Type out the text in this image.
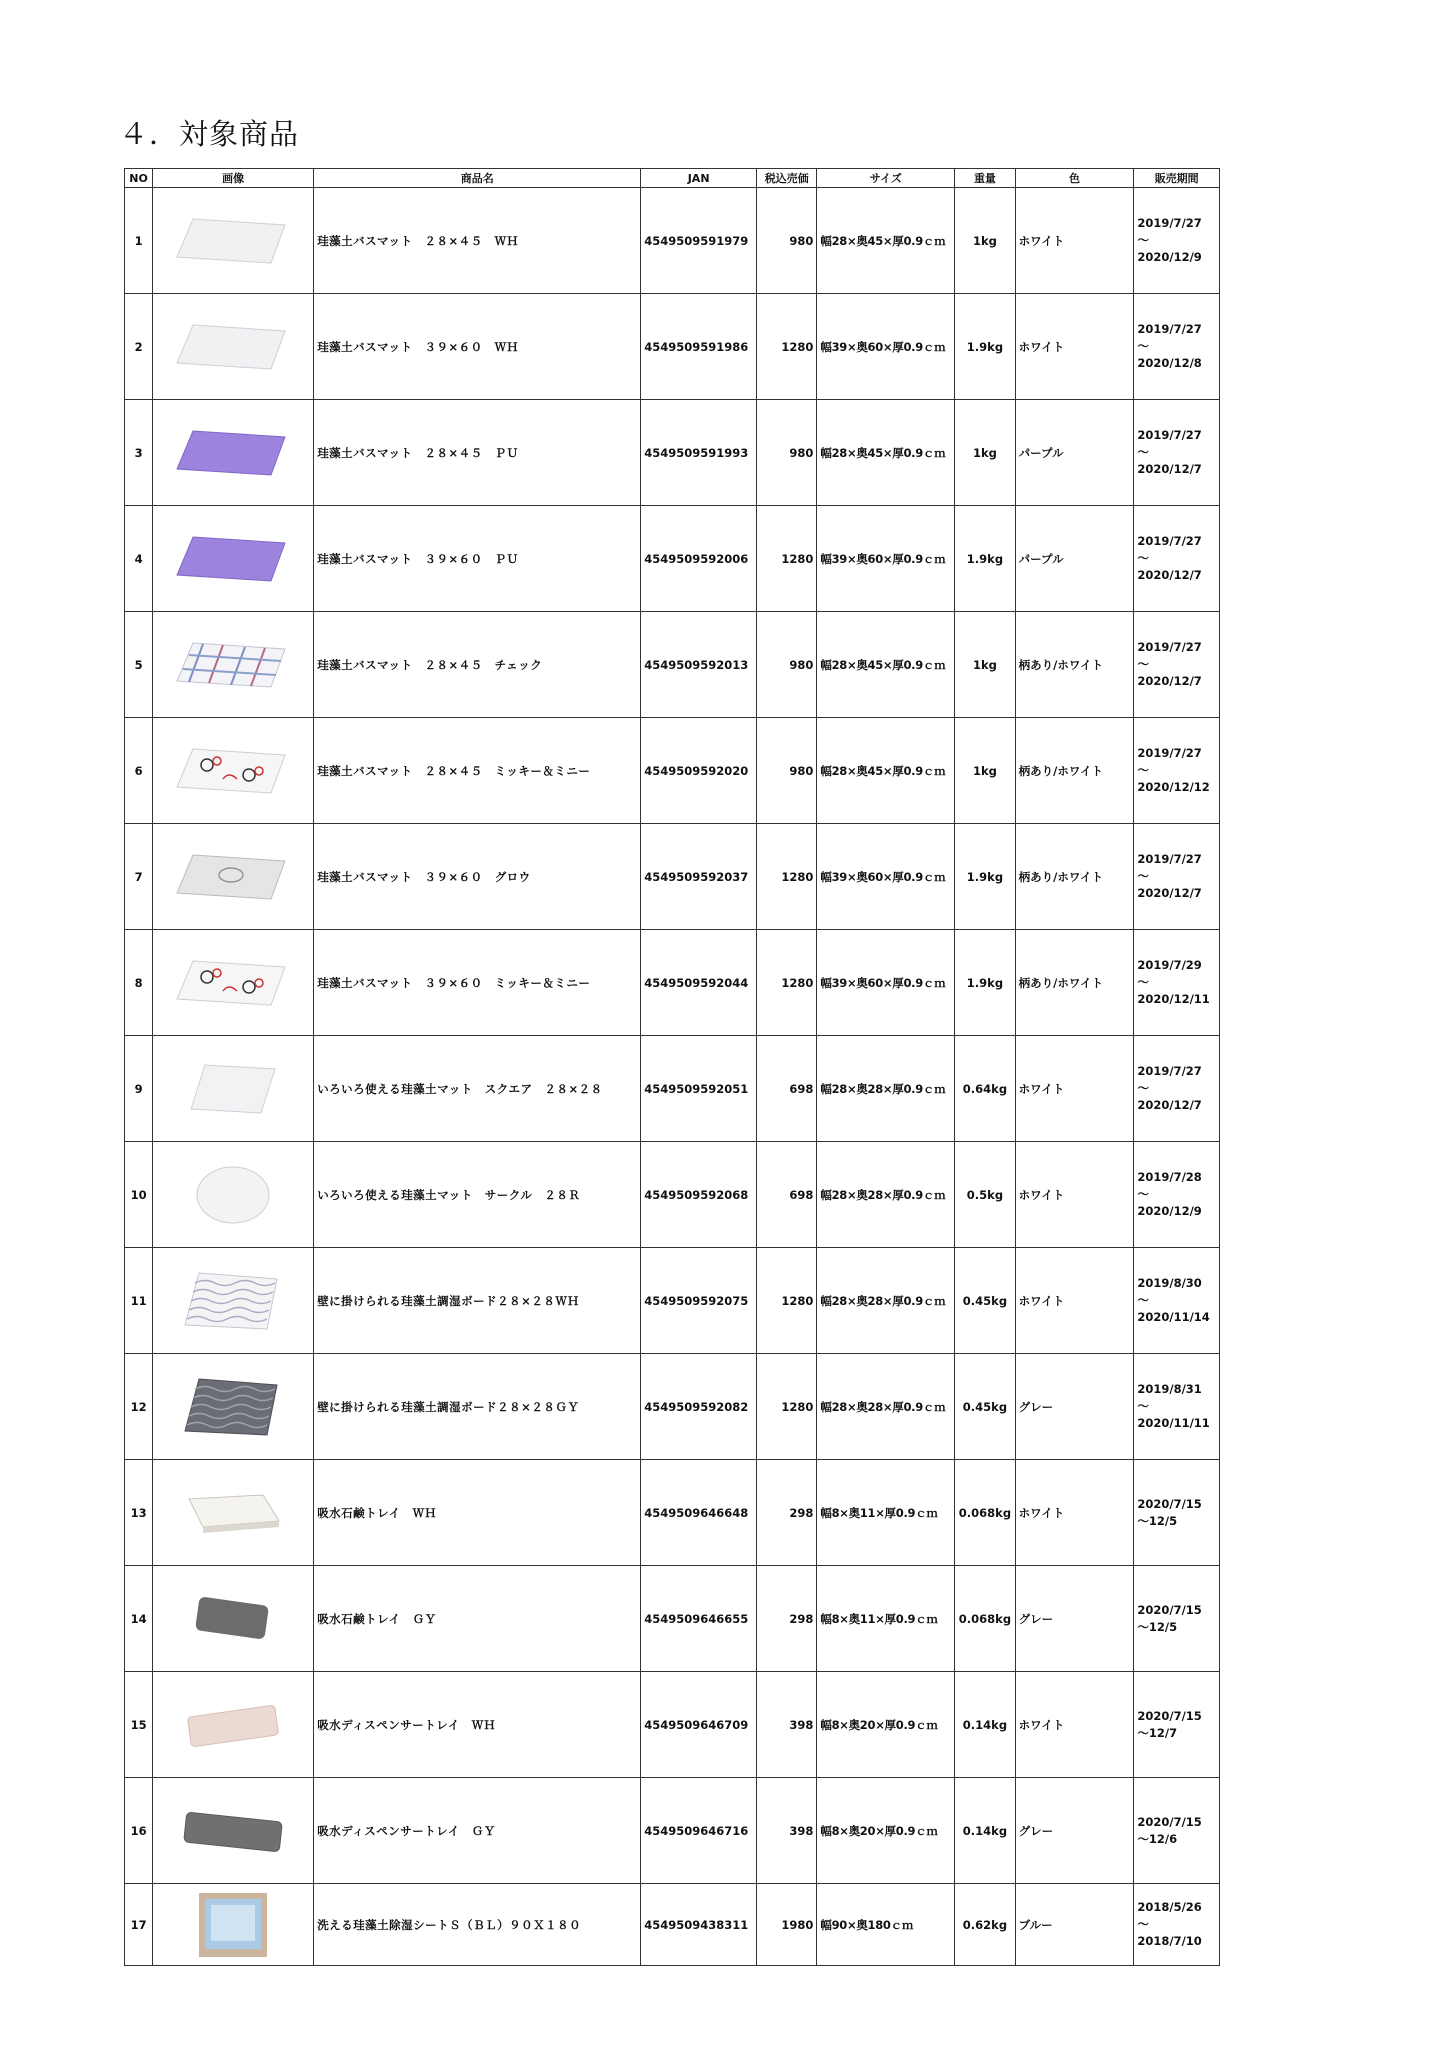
４．対象商品
NO	画像	商品名	JAN	税込売価	サイズ	重量	色	販売期間
1		珪藻土バスマット　２８×４５　ＷＨ	4549509591979	980	幅28×奥45×厚0.9ｃｍ	1kg	ホワイト	2019/7/27
～
2020/12/9

2		珪藻土バスマット　３９×６０　ＷＨ	4549509591986	1280	幅39×奥60×厚0.9ｃｍ	1.9kg	ホワイト	2019/7/27
～
2020/12/8

3		珪藻土バスマット　２８×４５　ＰＵ	4549509591993	980	幅28×奥45×厚0.9ｃｍ	1kg	パープル	2019/7/27
～
2020/12/7

4		珪藻土バスマット　３９×６０　ＰＵ	4549509592006	1280	幅39×奥60×厚0.9ｃｍ	1.9kg	パープル	2019/7/27
～
2020/12/7

5		珪藻土バスマット　２８×４５　チェック	4549509592013	980	幅28×奥45×厚0.9ｃｍ	1kg	柄あり/ホワイト	2019/7/27
～
2020/12/7

6		珪藻土バスマット　２８×４５　ミッキー＆ミニー	4549509592020	980	幅28×奥45×厚0.9ｃｍ	1kg	柄あり/ホワイト	2019/7/27
～
2020/12/12

7		珪藻土バスマット　３９×６０　グロウ	4549509592037	1280	幅39×奥60×厚0.9ｃｍ	1.9kg	柄あり/ホワイト	2019/7/27
～
2020/12/7

8		珪藻土バスマット　３９×６０　ミッキー＆ミニー	4549509592044	1280	幅39×奥60×厚0.9ｃｍ	1.9kg	柄あり/ホワイト	2019/7/29
～
2020/12/11

9		いろいろ使える珪藻土マット　スクエア　２８×２８	4549509592051	698	幅28×奥28×厚0.9ｃｍ	0.64kg	ホワイト	2019/7/27
～
2020/12/7

10		いろいろ使える珪藻土マット　サークル　２８Ｒ	4549509592068	698	幅28×奥28×厚0.9ｃｍ	0.5kg	ホワイト	2019/7/28
～
2020/12/9

11		壁に掛けられる珪藻土調湿ボード２８×２８ＷＨ	4549509592075	1280	幅28×奥28×厚0.9ｃｍ	0.45kg	ホワイト	2019/8/30
～
2020/11/14

12		壁に掛けられる珪藻土調湿ボード２８×２８ＧＹ	4549509592082	1280	幅28×奥28×厚0.9ｃｍ	0.45kg	グレー	2019/8/31
～
2020/11/11

13		吸水石鹸トレイ　ＷＨ	4549509646648	298	幅8×奥11×厚0.9ｃｍ	0.068kg	ホワイト	2020/7/15
～12/5

14		吸水石鹸トレイ　ＧＹ	4549509646655	298	幅8×奥11×厚0.9ｃｍ	0.068kg	グレー	2020/7/15
～12/5

15		吸水ディスペンサートレイ　ＷＨ	4549509646709	398	幅8×奥20×厚0.9ｃｍ	0.14kg	ホワイト	2020/7/15
～12/7

16		吸水ディスペンサートレイ　ＧＹ	4549509646716	398	幅8×奥20×厚0.9ｃｍ	0.14kg	グレー	2020/7/15
～12/6

17		洗える珪藻土除湿シートＳ（ＢＬ）９０Ｘ１８０	4549509438311	1980	幅90×奥180ｃｍ	0.62kg	ブルー	2018/5/26
～
2018/7/10
